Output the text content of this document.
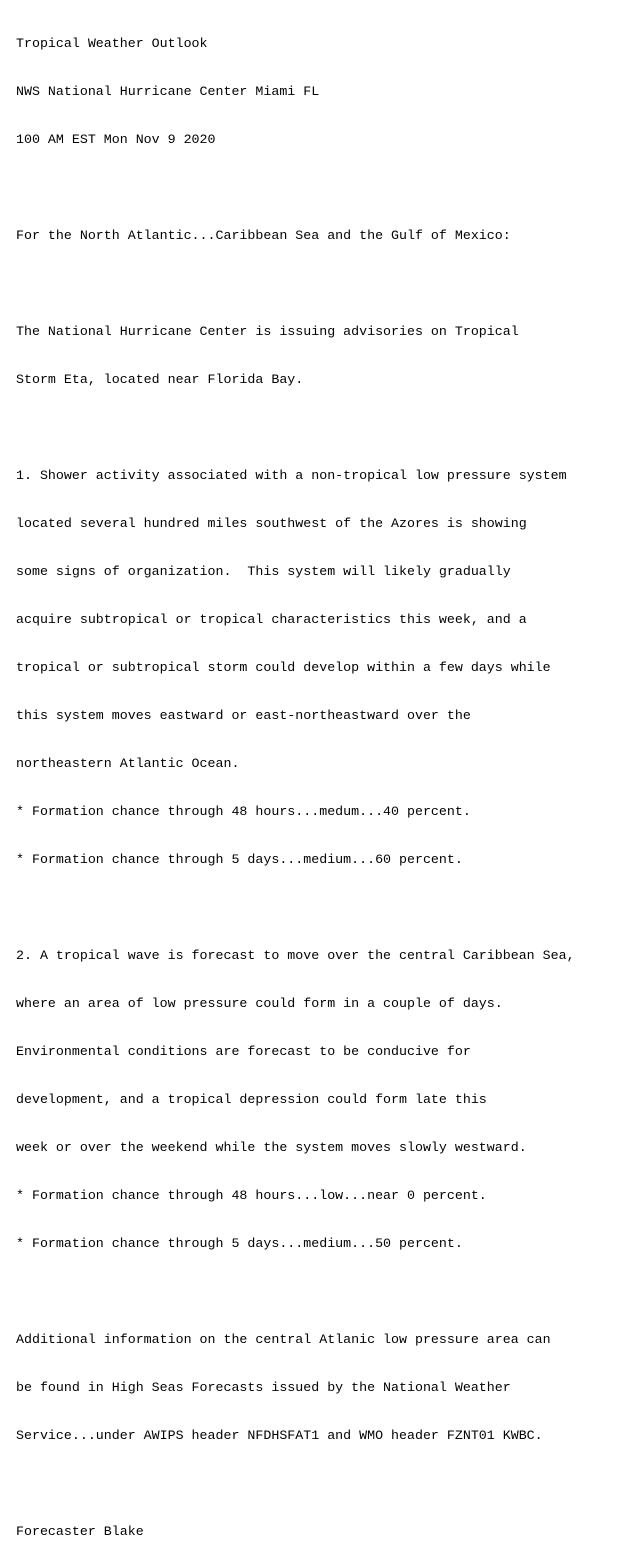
Tropical Weather Outlook

NWS National Hurricane Center Miami FL

100 AM EST Mon Nov 9 2020

For the North Atlantic...Caribbean Sea and the Gulf of Mexico:

The National Hurricane Center is issuing advisories on Tropical

Storm Eta, located near Florida Bay.

1. Shower activity associated with a non-tropical low pressure system

located several hundred miles southwest of the Azores is showing

some signs of organization.  This system will likely gradually

acquire subtropical or tropical characteristics this week, and a

tropical or subtropical storm could develop within a few days while

this system moves eastward or east-northeastward over the

northeastern Atlantic Ocean.

* Formation chance through 48 hours...medum...40 percent.

* Formation chance through 5 days...medium...60 percent.

2. A tropical wave is forecast to move over the central Caribbean Sea,

where an area of low pressure could form in a couple of days.

Environmental conditions are forecast to be conducive for

development, and a tropical depression could form late this

week or over the weekend while the system moves slowly westward.

* Formation chance through 48 hours...low...near 0 percent.

* Formation chance through 5 days...medium...50 percent.

Additional information on the central Atlanic low pressure area can

be found in High Seas Forecasts issued by the National Weather

Service...under AWIPS header NFDHSFAT1 and WMO header FZNT01 KWBC.

Forecaster Blake
